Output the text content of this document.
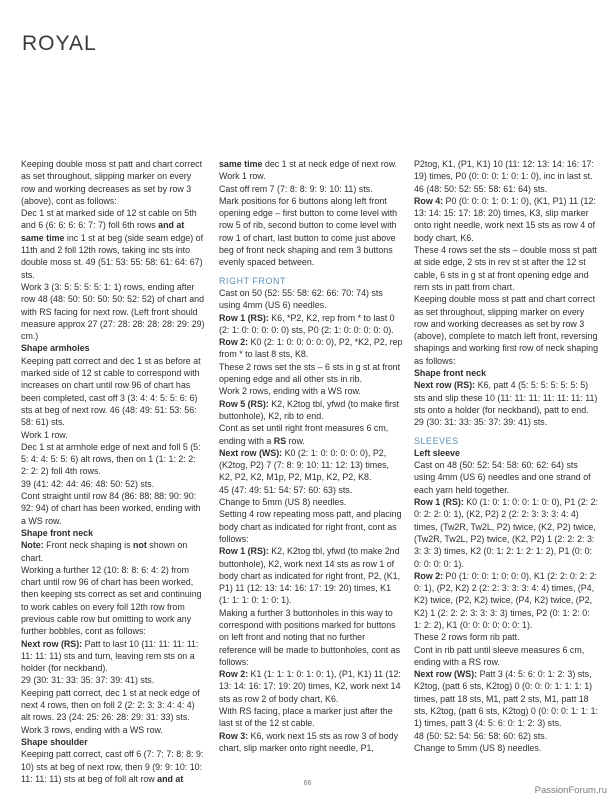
ROYAL

Keeping double moss st patt and chart correct as set throughout, slipping marker on every row and working decreases as set by row 3 (above), cont as follows:

Dec 1 st at marked side of 12 st cable on 5th and 6 (6: 6: 6: 6: 7: 7) foll 6th rows and at same time inc 1 st at beg (side seam edge) of 11th and 2 foll 12th rows, taking inc sts into double moss st. 49 (51: 53: 55: 58: 61: 64: 67) sts.

Work 3 (3: 5: 5: 5: 5: 1: 1) rows, ending after row 48 (48: 50: 50: 50: 50: 52: 52) of chart and with RS facing for next row. (Left front should measure approx 27 (27: 28: 28: 28: 28: 29: 29) cm.)

Shape armholes

Keeping patt correct and dec 1 st as before at marked side of 12 st cable to correspond with increases on chart until row 96 of chart has been completed, cast off 3 (3: 4: 4: 5: 5: 6: 6) sts at beg of next row. 46 (48: 49: 51: 53: 56: 58: 61) sts.

Work 1 row.

Dec 1 st at armhole edge of next and foll 5 (5: 5: 4: 4: 5: 5: 6) alt rows, then on 1 (1: 1: 2: 2: 2: 2: 2) foll 4th rows.

39 (41: 42: 44: 46: 48: 50: 52) sts.

Cont straight until row 84 (86: 88: 88: 90: 90: 92: 94) of chart has been worked, ending with a WS row.

Shape front neck

Note: Front neck shaping is not shown on chart.

Working a further 12 (10: 8: 8: 6: 4: 2) from chart until row 96 of chart has been worked, then keeping sts correct as set and continuing to work cables on every foll 12th row from previous cable row but omitting to work any further bobbles, cont as follows:

Next row (RS): Patt to last 10 (11: 11: 11: 11: 11: 11: 11) sts and turn, leaving rem sts on a holder (for neckband).

29 (30: 31: 33: 35: 37: 39: 41) sts.

Keeping patt correct, dec 1 st at neck edge of next 4 rows, then on foll 2 (2: 2: 3: 3: 4: 4: 4) alt rows. 23 (24: 25: 26: 28: 29: 31: 33) sts.

Work 3 rows, ending with a WS row.

Shape shoulder

Keeping patt correct, cast off 6 (7: 7: 7: 8: 8: 9: 10) sts at beg of next row, then 9 (9: 9: 10: 10: 11: 11: 11) sts at beg of foll alt row and at

same time dec 1 st at neck edge of next row.

Work 1 row.

Cast off rem 7 (7: 8: 8: 9: 9: 10: 11) sts.

Mark positions for 6 buttons along left front opening edge – first button to come level with row 5 of rib, second button to come level with row 1 of chart, last button to come just above beg of front neck shaping and rem 3 buttons evenly spaced between.

RIGHT FRONT

Cast on 50 (52: 55: 58: 62: 66: 70: 74) sts using 4mm (US 6) needles.

Row 1 (RS): K6, *P2, K2, rep from * to last 0 (2: 1: 0: 0: 0: 0: 0) sts, P0 (2: 1: 0: 0: 0: 0: 0).

Row 2: K0 (2: 1: 0: 0: 0: 0: 0), P2, *K2, P2, rep from * to last 8 sts, K8.

These 2 rows set the sts – 6 sts in g st at front opening edge and all other sts in rib.

Work 2 rows, ending with a WS row.

Row 5 (RS): K2, K2tog tbl, yfwd (to make first buttonhole), K2, rib to end.

Cont as set until right front measures 6 cm, ending with a RS row.

Next row (WS): K0 (2: 1: 0: 0: 0: 0: 0), P2, (K2tog, P2) 7 (7: 8: 9: 10: 11: 12: 13) times, K2, P2, K2, M1p, P2, M1p, K2, P2, K8.

45 (47: 49: 51: 54: 57: 60: 63) sts.

Change to 5mm (US 8) needles.

Setting 4 row repeating moss patt, and placing body chart as indicated for right front, cont as follows:

Row 1 (RS): K2, K2tog tbl, yfwd (to make 2nd buttonhole), K2, work next 14 sts as row 1 of body chart as indicated for right front, P2, (K1, P1) 11 (12: 13: 14: 16: 17: 19: 20) times, K1 (1: 1: 1: 0: 1: 0: 1).

Making a further 3 buttonholes in this way to correspond with positions marked for buttons on left front and noting that no further reference will be made to buttonholes, cont as follows:

Row 2: K1 (1: 1: 1: 0: 1: 0: 1), (P1, K1) 11 (12: 13: 14: 16: 17: 19: 20) times, K2, work next 14 sts as row 2 of body chart, K6.

With RS facing, place a marker just after the last st of the 12 st cable.

Row 3: K6, work next 15 sts as row 3 of body chart, slip marker onto right needle, P1,

P2tog, K1, (P1, K1) 10 (11: 12: 13: 14: 16: 17: 19) times, P0 (0: 0: 0: 1: 0: 1: 0), inc in last st.

46 (48: 50: 52: 55: 58: 61: 64) sts.

Row 4: P0 (0: 0: 0: 1: 0: 1: 0), (K1, P1) 11 (12: 13: 14: 15: 17: 18: 20) times, K3, slip marker onto right needle, work next 15 sts as row 4 of body chart, K6.

These 4 rows set the sts – double moss st patt at side edge, 2 sts in rev st st after the 12 st cable, 6 sts in g st at front opening edge and rem sts in patt from chart.

Keeping double moss st patt and chart correct as set throughout, slipping marker on every row and working decreases as set by row 3 (above), complete to match left front, reversing shapings and working first row of neck shaping as follows:

Shape front neck

Next row (RS): K6, patt 4 (5: 5: 5: 5: 5: 5: 5) sts and slip these 10 (11: 11: 11: 11: 11: 11: 11) sts onto a holder (for neckband), patt to end.

29 (30: 31: 33: 35: 37: 39: 41) sts.

SLEEVES

Left sleeve

Cast on 48 (50: 52: 54: 58: 60: 62: 64) sts using 4mm (US 6) needles and one strand of each yarn held together.

Row 1 (RS): K0 (1: 0: 1: 0: 0: 1: 0: 0), P1 (2: 2: 0: 2: 2: 0: 1), (K2, P2) 2 (2: 2: 3: 3: 3: 4: 4) times, (Tw2R, Tw2L, P2) twice, (K2, P2) twice, (Tw2R, Tw2L, P2) twice, (K2, P2) 1 (2: 2: 2: 3: 3: 3: 3) times, K2 (0: 1: 2: 1: 2: 1: 2), P1 (0: 0: 0: 0: 0: 0: 1).

Row 2: P0 (1: 0: 0: 1: 0: 0: 0), K1 (2: 2: 0: 2: 2: 0: 1), (P2, K2) 2 (2: 2: 3: 3: 3: 4: 4) times, (P4, K2) twice, (P2, K2) twice, (P4, K2) twice, (P2, K2) 1 (2: 2: 2: 3: 3: 3: 3) times, P2 (0: 1: 2: 0: 1: 2: 2), K1 (0: 0: 0: 0: 0: 0: 1).

These 2 rows form rib patt.

Cont in rib patt until sleeve measures 6 cm, ending with a RS row.

Next row (WS): Patt 3 (4: 5: 6: 0: 1: 2: 3) sts, K2tog, (patt 6 sts, K2tog) 0 (0: 0: 0: 1: 1: 1: 1) times, patt 18 sts, M1, patt 2 sts, M1, patt 18 sts, K2tog, (patt 6 sts, K2tog) 0 (0: 0: 0: 1: 1: 1: 1) times, patt 3 (4: 5: 6: 0: 1: 2: 3) sts.

48 (50: 52: 54: 56: 58: 60: 62) sts.

Change to 5mm (US 8) needles.

66
PassionForum.ru
